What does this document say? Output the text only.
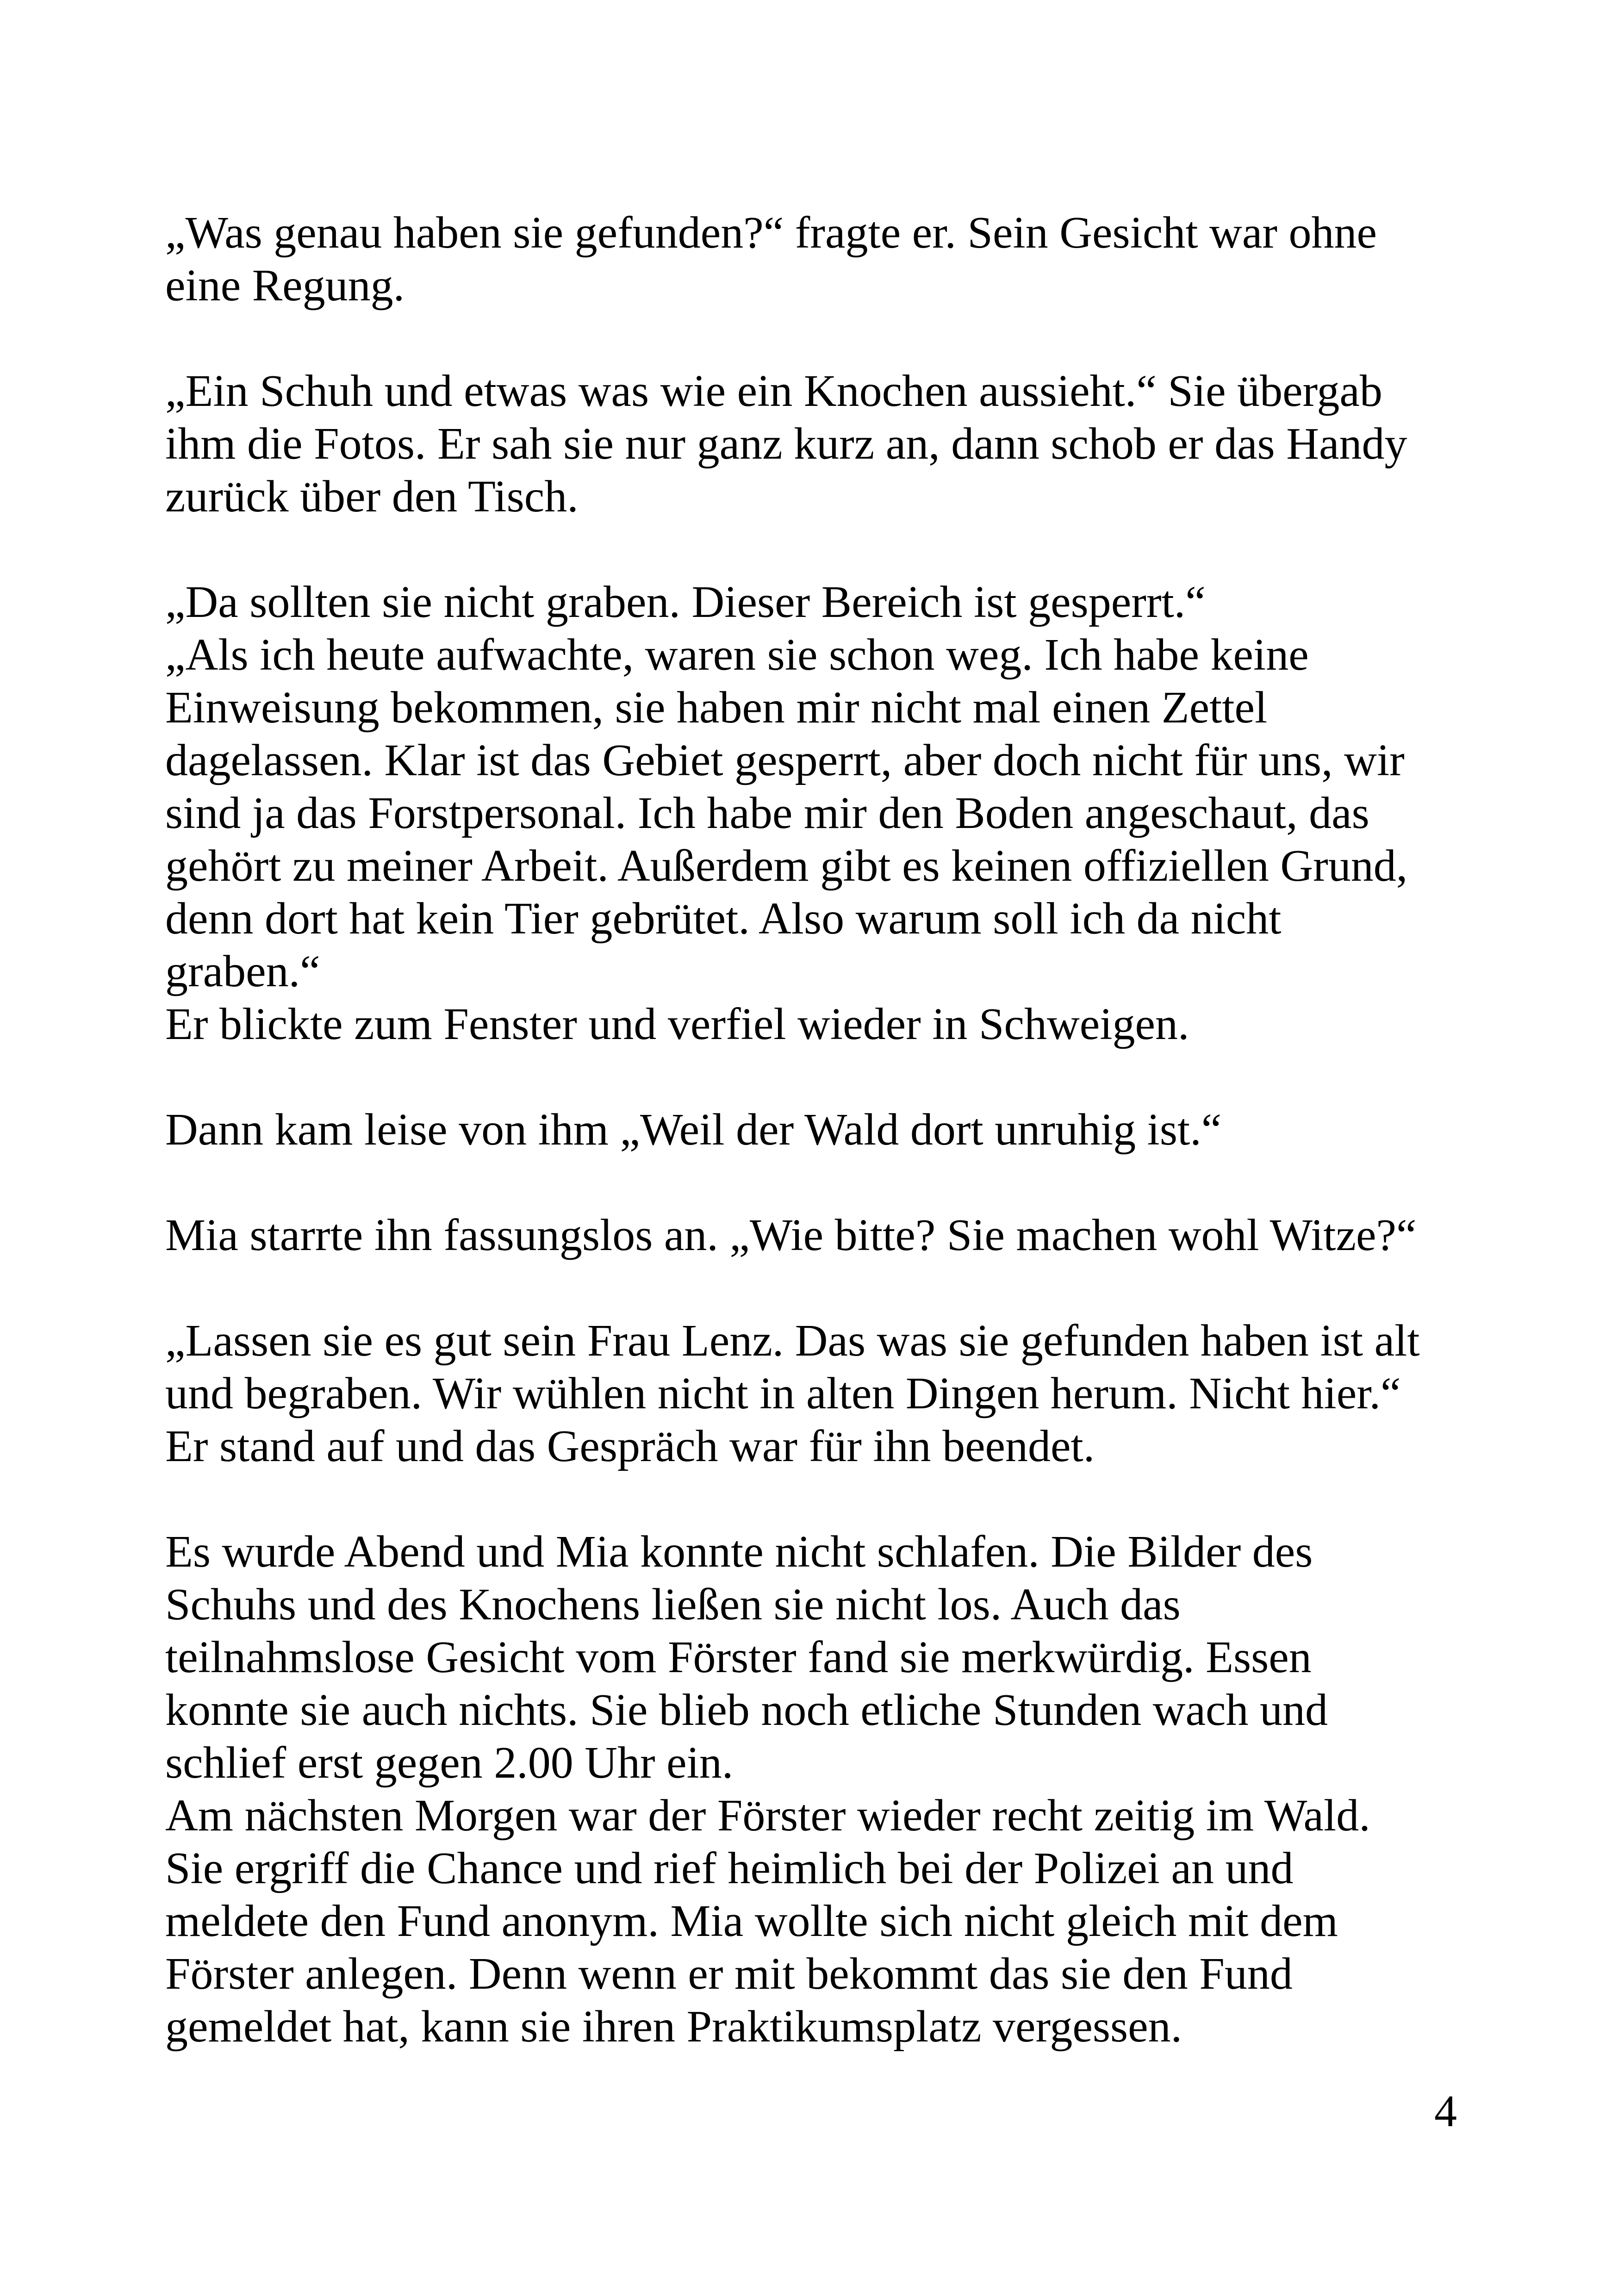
„Was genau haben sie gefunden?“ fragte er. Sein Gesicht war ohne
eine Regung.
„Ein Schuh und etwas was wie ein Knochen aussieht.“ Sie übergab
ihm die Fotos. Er sah sie nur ganz kurz an, dann schob er das Handy
zurück über den Tisch.
„Da sollten sie nicht graben. Dieser Bereich ist gesperrt.“
„Als ich heute aufwachte, waren sie schon weg. Ich habe keine
Einweisung bekommen, sie haben mir nicht mal einen Zettel
dagelassen. Klar ist das Gebiet gesperrt, aber doch nicht für uns, wir
sind ja das Forstpersonal. Ich habe mir den Boden angeschaut, das
gehört zu meiner Arbeit. Außerdem gibt es keinen offiziellen Grund,
denn dort hat kein Tier gebrütet. Also warum soll ich da nicht
graben.“
Er blickte zum Fenster und verfiel wieder in Schweigen.
Dann kam leise von ihm „Weil der Wald dort unruhig ist.“
Mia starrte ihn fassungslos an. „Wie bitte? Sie machen wohl Witze?“
„Lassen sie es gut sein Frau Lenz. Das was sie gefunden haben ist alt
und begraben. Wir wühlen nicht in alten Dingen herum. Nicht hier.“
Er stand auf und das Gespräch war für ihn beendet.
Es wurde Abend und Mia konnte nicht schlafen. Die Bilder des
Schuhs und des Knochens ließen sie nicht los. Auch das
teilnahmslose Gesicht vom Förster fand sie merkwürdig. Essen
konnte sie auch nichts. Sie blieb noch etliche Stunden wach und
schlief erst gegen 2.00 Uhr ein.
Am nächsten Morgen war der Förster wieder recht zeitig im Wald.
Sie ergriff die Chance und rief heimlich bei der Polizei an und
meldete den Fund anonym. Mia wollte sich nicht gleich mit dem
Förster anlegen. Denn wenn er mit bekommt das sie den Fund
gemeldet hat, kann sie ihren Praktikumsplatz vergessen.
4
